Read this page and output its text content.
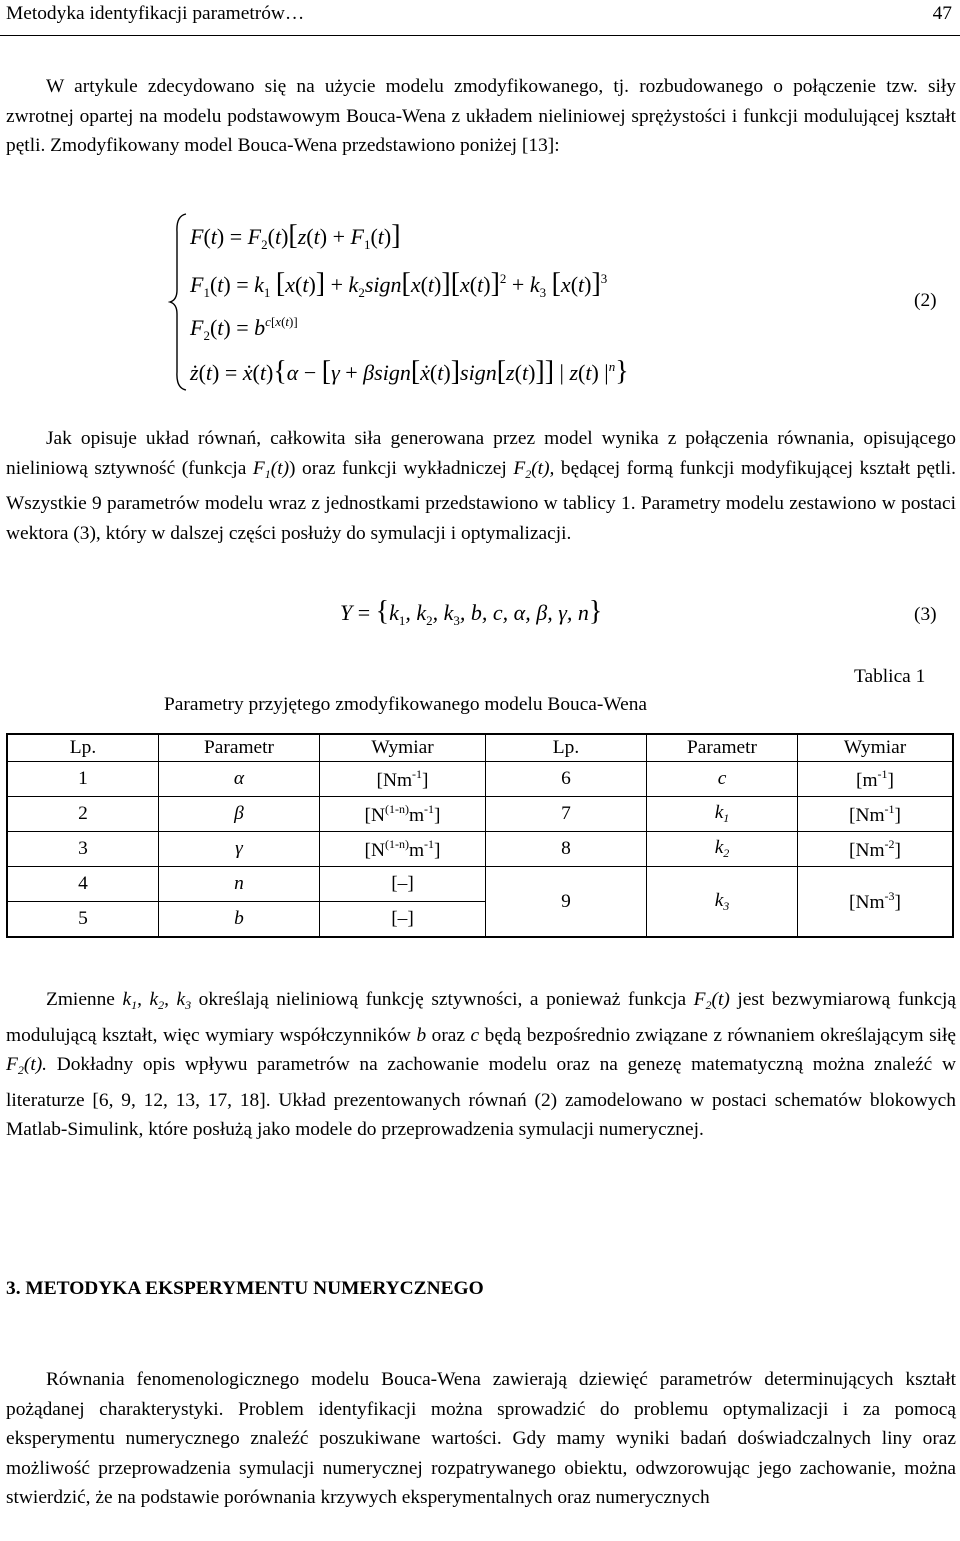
Metodyka identyfikacji parametrów…	47
W artykule zdecydowano się na użyciе modelu zmodyfikowanego, tj. rozbudowanego o połączenie tzw. siły zwrotnej opartej na modelu podstawowym Bouca-Wena z układem nieliniowej sprężystości i funkcji modulującej kształt pętli. Zmodyfikowany model Bouca-Wena przedstawiono poniżej [13]:
$F(t) = F_2(t)[z(t) + F_1(t)]$
$F_1(t) = k_1$ $[x(t)] + k_2sign[x(t)][x(t)]^2 + k_3$ $[x(t)]^3$
$F_2(t) = b^{c[x(t)]}$
ż(t) = ẋ(t){α − [γ + βsign[ẋ(t)]sign[z(t)]] | z(t) $|^n$}
(2)
Jak opisuje układ równań, całkowita siła generowana przez model wynika z połączenia równania, opisującego nieliniową sztywność (funkcja $F_1(t)$) oraz funkcji wykładniczej $F_2(t)$, będącej formą funkcji modyfikującej kształt pętli. Wszystkie 9 parametrów modelu wraz z jednostkami przedstawiono w tablicy 1. Parametry modelu zestawiono w postaci wektora (3), który w dalszej części posłuży do symulacji i optymalizacji.
$Y = \{k_1$, $k_2$, $k_3$, b, c, α, β, γ, n}	(3)
Tablica 1
Parametry przyjętego zmodyfikowanego modelu Bouca-Wena
Lp.	Parametr	Wymiar	Lp.	Parametr	Wymiar
1	α	$[Nm^{-1}]$	6	c	$[m^{-1}]$
2	β	$[N^{(1-n)}m^{-1}]$	7	$k_1$	$[Nm^{-1}]$
3	γ	$[N^{(1-n)}m^{-1}]$	8	$k_2$	$[Nm^{-2}]$
4	n	[–]	9	$k_3$	$[Nm^{-3}]$
5	b	[–]			
Zmienne $k_1$, $k_2$, $k_3$ określają nieliniową funkcję sztywności, a ponieważ funkcja $F_2(t)$ jest bezwymiarową funkcją modulującą kształt, więc wymiary współczynników b oraz c będą bezpośrednio związane z równaniem określającym siłę $F_2(t)$. Dokładny opis wpływu parametrów na zachowanie modelu oraz na genezę matematyczną można znaleźć w literaturze [6, 9, 12, 13, 17, 18]. Układ prezentowanych równań (2) zamodelowano w postaci schematów blokowych Matlab-Simulink, które posłużą jako modele do przeprowadzenia symulacji numerycznej.
3. METODYKA EKSPERYMENTU NUMERYCZNEGO
Równania fenomenologicznego modelu Bouca-Wena zawierają dziewięć parametrów determinujących kształt pożądanej charakterystyki. Problem identyfikacji można sprowadzić do problemu optymalizacji i za pomocą eksperymentu numerycznego znaleźć poszukiwane wartości. Gdy mamy wyniki badań doświadczalnych liny oraz możliwość przeprowadzenia symulacji numerycznej rozpatrywanego obiektu, odwzorowując jego zachowanie, można stwierdzić, że na podstawie porównania krzywych eksperymentalnych oraz numerycznych
